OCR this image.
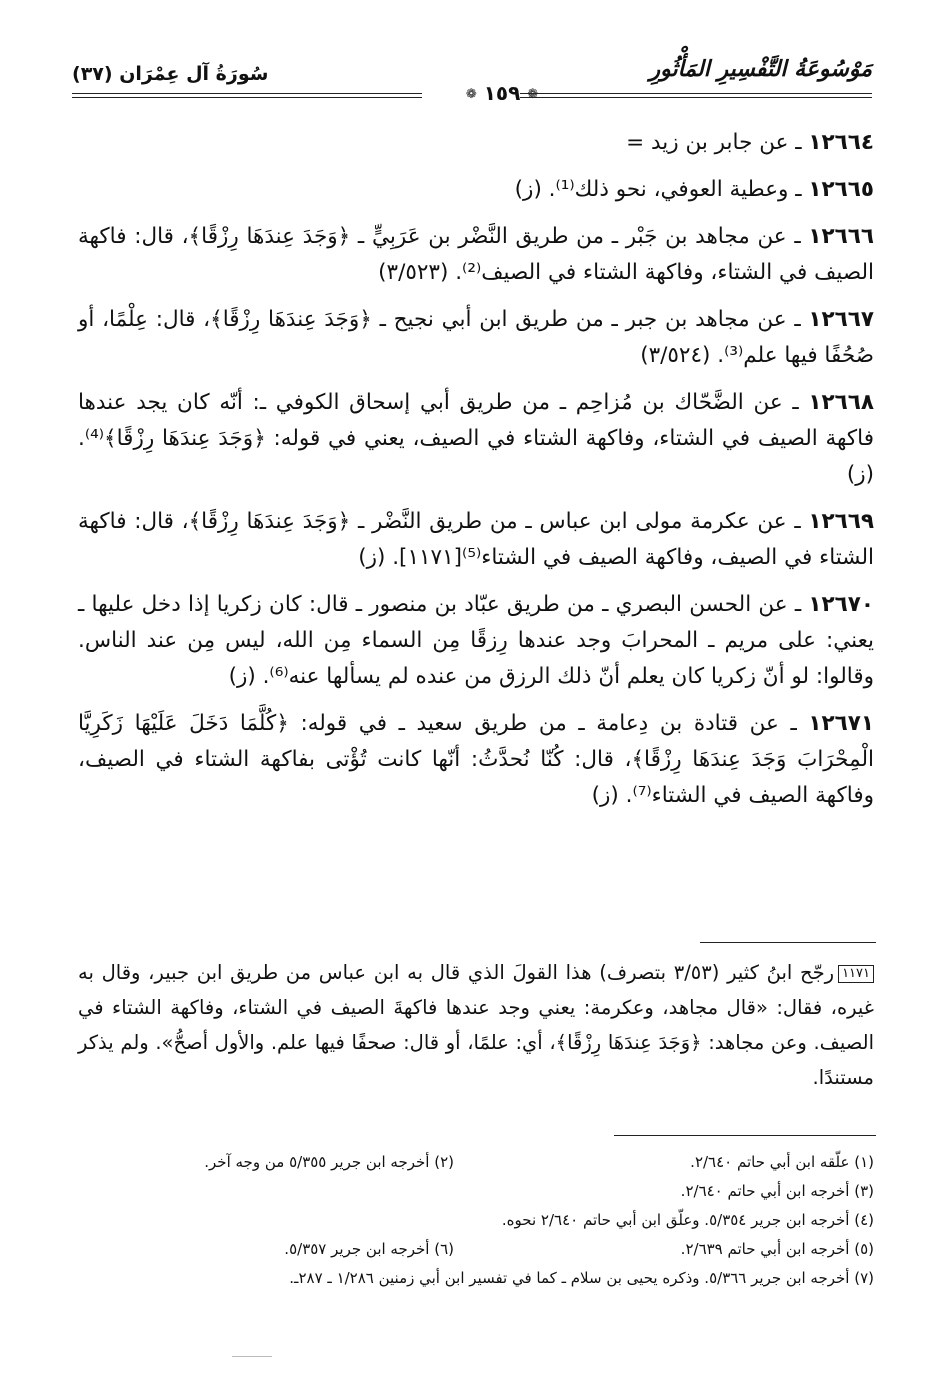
سُورَةُ آل عِمْرَان (٣٧)	مَوْسُوعَةُ التَّفْسِيرِ المَأْثُورِ
❁ ١٥٩ ❁

١٢٦٦٤ ـ عن جابر بن زيد =

١٢٦٦٥ ـ وعطية العوفي، نحو ذلك⁽¹⁾. (ز)

١٢٦٦٦ ـ عن مجاهد بن جَبْر ـ من طريق النَّضْر بن عَرَبِيٍّ ـ ﴿وَجَدَ عِندَهَا رِزْقًا﴾، قال: فاكهة الصيف في الشتاء، وفاكهة الشتاء في الصيف⁽²⁾. (٣/٥٢٣)

١٢٦٦٧ ـ عن مجاهد بن جبر ـ من طريق ابن أبي نجيح ـ ﴿وَجَدَ عِندَهَا رِزْقًا﴾، قال: عِلْمًا، أو صُحُفًا فيها علم⁽³⁾. (٣/٥٢٤)

١٢٦٦٨ ـ عن الضَّحّاك بن مُزاحِم ـ من طريق أبي إسحاق الكوفي ـ: أنّه كان يجد عندها فاكهة الصيف في الشتاء، وفاكهة الشتاء في الصيف، يعني في قوله: ﴿وَجَدَ عِندَهَا رِزْقًا﴾⁽⁴⁾. (ز)

١٢٦٦٩ ـ عن عكرمة مولى ابن عباس ـ من طريق النَّضْر ـ ﴿وَجَدَ عِندَهَا رِزْقًا﴾، قال: فاكهة الشتاء في الصيف، وفاكهة الصيف في الشتاء⁽⁵⁾[١١٧١]. (ز)

١٢٦٧٠ ـ عن الحسن البصري ـ من طريق عبّاد بن منصور ـ قال: كان زكريا إذا دخل عليها ـ يعني: على مريم ـ المحرابَ وجد عندها رِزقًا مِن السماء مِن الله، ليس مِن عند الناس. وقالوا: لو أنّ زكريا كان يعلم أنّ ذلك الرزق من عنده لم يسألها عنه⁽⁶⁾. (ز)

١٢٦٧١ ـ عن قتادة بن دِعامة ـ من طريق سعيد ـ في قوله: ﴿كُلَّمَا دَخَلَ عَلَيْهَا زَكَرِيَّا الْمِحْرَابَ وَجَدَ عِندَهَا رِزْقًا﴾، قال: كُنّا نُحدَّثُ: أنّها كانت تُؤْتى بفاكهة الشتاء في الصيف، وفاكهة الصيف في الشتاء⁽⁷⁾. (ز)

١١٧١رجّح ابنُ كثير (٣/٥٣ بتصرف) هذا القولَ الذي قال به ابن عباس من طريق ابن جبير، وقال به غيره، فقال: «قال مجاهد، وعكرمة: يعني وجد عندها فاكهةَ الصيف في الشتاء، وفاكهة الشتاء في الصيف. وعن مجاهد: ﴿وَجَدَ عِندَهَا رِزْقًا﴾، أي: علمًا، أو قال: صحفًا فيها علم. والأول أصحُّ». ولم يذكر مستندًا.
(١) علّقه ابن أبي حاتم ٢/٦٤٠.
(٢) أخرجه ابن جرير ٥/٣٥٥ من وجه آخر.
(٣) أخرجه ابن أبي حاتم ٢/٦٤٠.
(٤) أخرجه ابن جرير ٥/٣٥٤. وعلّق ابن أبي حاتم ٢/٦٤٠ نحوه.
(٥) أخرجه ابن أبي حاتم ٢/٦٣٩.
(٦) أخرجه ابن جرير ٥/٣٥٧.
(٧) أخرجه ابن جرير ٥/٣٦٦. وذكره يحيى بن سلام ـ كما في تفسير ابن أبي زمنين ١/٢٨٦ ـ ٢٨٧ـ.
